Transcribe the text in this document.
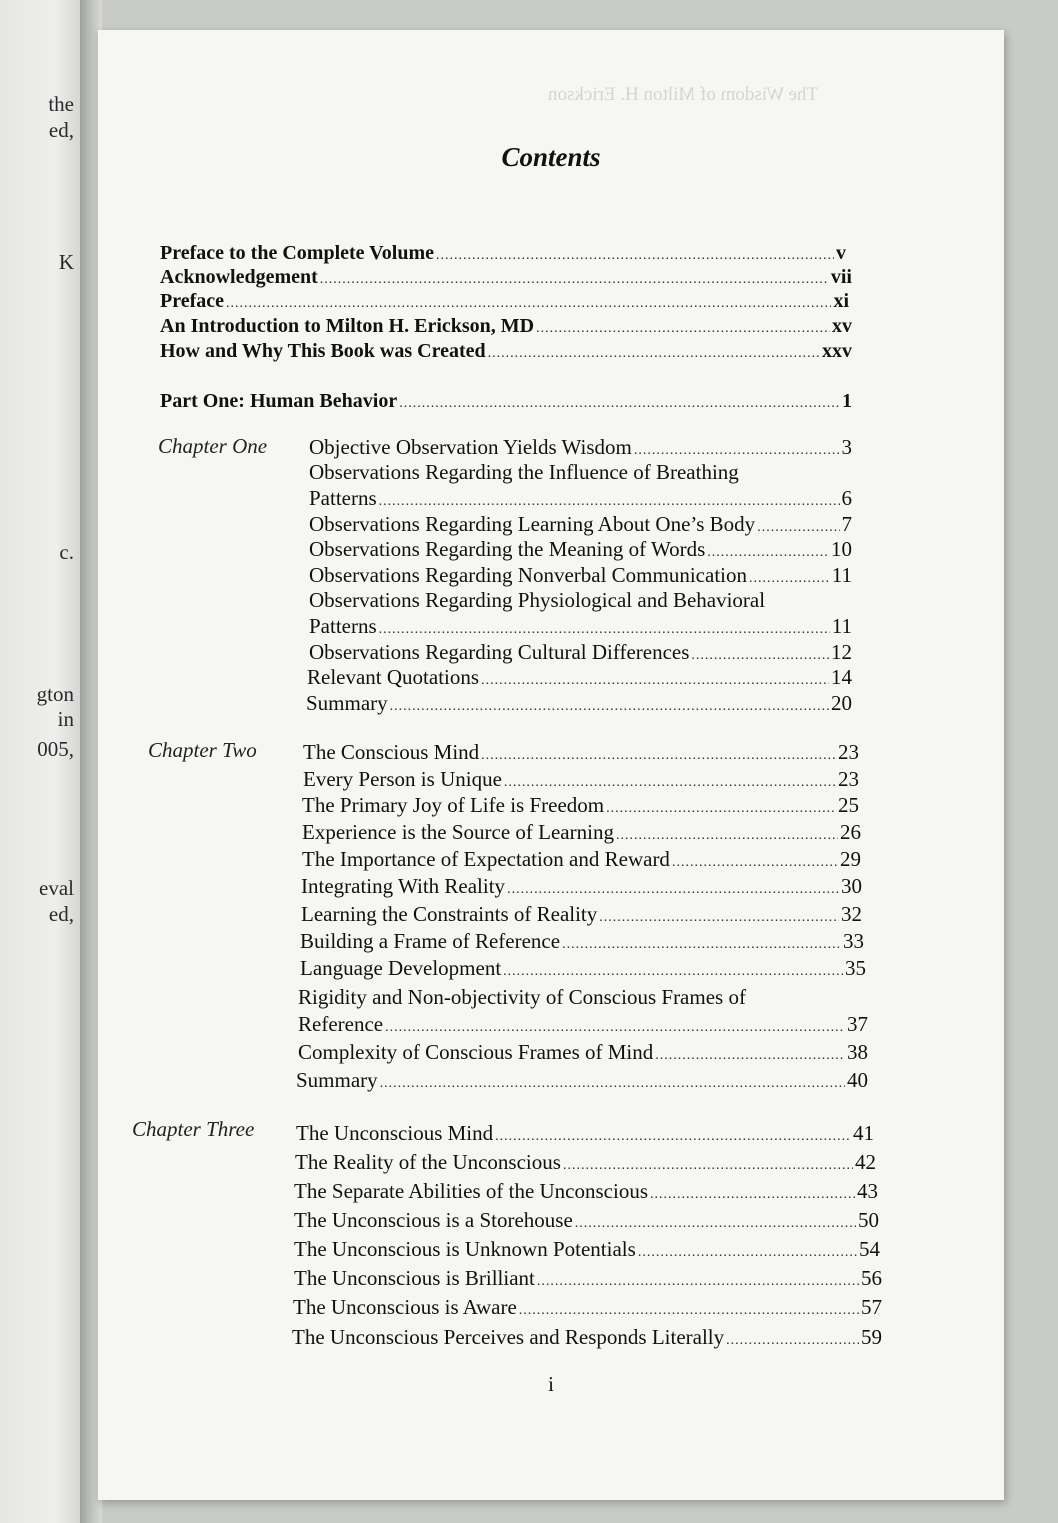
the
ed,
K
c.
gton
in
005,
eval
ed,
The Wisdom of Milton H. Erickson
Contents
Preface to the Complete Volume .....	v
Acknowledgement .....	vii
Preface .....	xi
An Introduction to Milton H. Erickson, MD .....	xv
How and Why This Book was Created .....	xxv
Part One: Human Behavior .....	1
Chapter One Objective Observation Yields Wisdom .....	3
Observations Regarding the Influence of Breathing
Patterns .....	6
Observations Regarding Learning About One’s Body .....	7
Observations Regarding the Meaning of Words .....	10
Observations Regarding Nonverbal Communication .....	11
Observations Regarding Physiological and Behavioral
Patterns .....	11
Observations Regarding Cultural Differences .....	12
Relevant Quotations .....	14
Summary .....	20
Chapter Two The Conscious Mind .....	23
Every Person is Unique .....	23
The Primary Joy of Life is Freedom .....	25
Experience is the Source of Learning .....	26
The Importance of Expectation and Reward .....	29
Integrating With Reality .....	30
Learning the Constraints of Reality .....	32
Building a Frame of Reference .....	33
Language Development .....	35
Rigidity and Non-objectivity of Conscious Frames of
Reference .....	37
Complexity of Conscious Frames of Mind .....	38
Summary .....	40
Chapter Three The Unconscious Mind .....	41
The Reality of the Unconscious .....	42
The Separate Abilities of the Unconscious .....	43
The Unconscious is a Storehouse .....	50
The Unconscious is Unknown Potentials .....	54
The Unconscious is Brilliant .....	56
The Unconscious is Aware .....	57
The Unconscious Perceives and Responds Literally .....	59
i
